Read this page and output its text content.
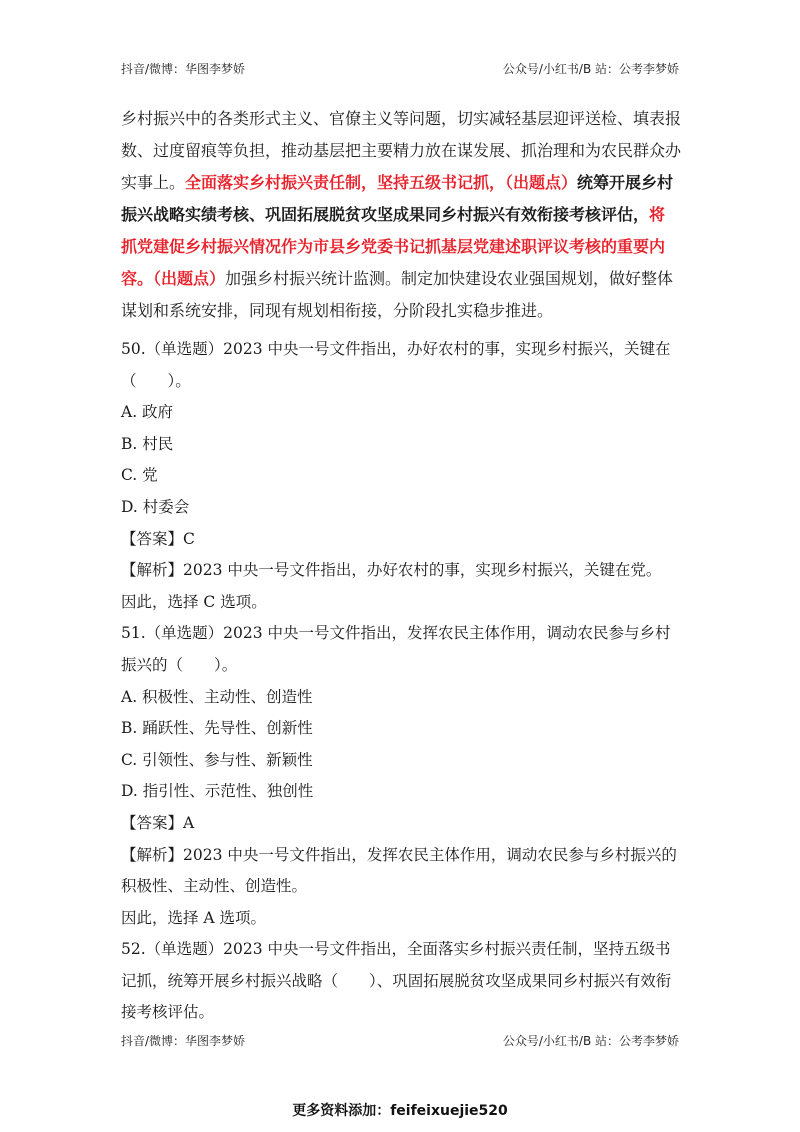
抖音/微博：华图李梦娇	公众号/小红书/B 站：公考李梦娇

乡村振兴中的各类形式主义、官僚主义等问题，切实减轻基层迎评送检、填表报数、过度留痕等负担，推动基层把主要精力放在谋发展、抓治理和为农民群众办实事上。全面落实乡村振兴责任制，坚持五级书记抓，（出题点）统筹开展乡村振兴战略实绩考核、巩固拓展脱贫攻坚成果同乡村振兴有效衔接考核评估，将抓党建促乡村振兴情况作为市县乡党委书记抓基层党建述职评议考核的重要内容。（出题点）加强乡村振兴统计监测。制定加快建设农业强国规划，做好整体谋划和系统安排，同现有规划相衔接，分阶段扎实稳步推进。

50.（单选题）2023 中央一号文件指出，办好农村的事，实现乡村振兴，关键在（　　）。

A. 政府

B. 村民

C. 党

D. 村委会

【答案】C

【解析】2023 中央一号文件指出，办好农村的事，实现乡村振兴，关键在党。

因此，选择 C 选项。

51.（单选题）2023 中央一号文件指出，发挥农民主体作用，调动农民参与乡村振兴的（　　）。

A. 积极性、主动性、创造性

B. 踊跃性、先导性、创新性

C. 引领性、参与性、新颖性

D. 指引性、示范性、独创性

【答案】A

【解析】2023 中央一号文件指出，发挥农民主体作用，调动农民参与乡村振兴的积极性、主动性、创造性。

因此，选择 A 选项。

52.（单选题）2023 中央一号文件指出，全面落实乡村振兴责任制，坚持五级书记抓，统筹开展乡村振兴战略（　　）、巩固拓展脱贫攻坚成果同乡村振兴有效衔接考核评估。

抖音/微博：华图李梦娇	公众号/小红书/B 站：公考李梦娇
更多资料添加：feifeixuejie520
